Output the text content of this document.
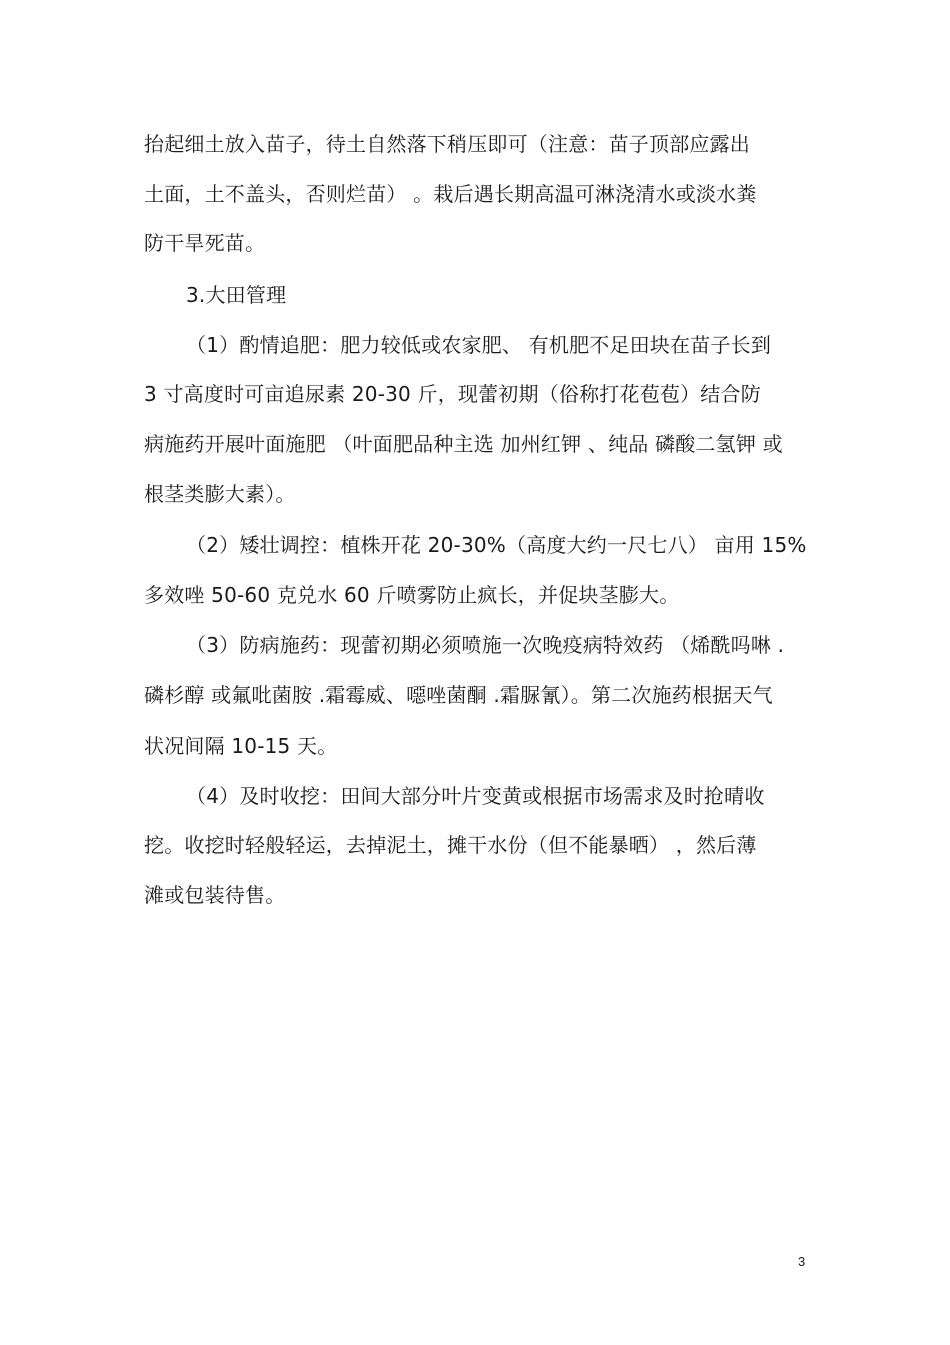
抬起细土放入苗子，待土自然落下稍压即可（注意：苗子顶部应露出
土面，土不盖头，否则烂苗） 。栽后遇长期高温可淋浇清水或淡水粪
防干旱死苗。
3.大田管理
（1）酌情追肥：肥力较低或农家肥、 有机肥不足田块在苗子长到
3 寸高度时可亩追尿素 20-30 斤，现蕾初期（俗称打花苞苞）结合防
病施药开展叶面施肥 （叶面肥品种主选 加州红钾 、纯品 磷酸二氢钾 或
根茎类膨大素）。
（2）矮壮调控：植株开花 20-30%（高度大约一尺七八） 亩用 15%
多效唑 50-60 克兑水 60 斤喷雾防止疯长，并促块茎膨大。
（3）防病施药：现蕾初期必须喷施一次晚疫病特效药 （烯酰吗啉 .
磷杉醇 或氟吡菌胺 .霜霉威、噁唑菌酮 .霜脲氰）。第二次施药根据天气
状况间隔 10-15 天。
（4）及时收挖：田间大部分叶片变黄或根据市场需求及时抢晴收
挖。收挖时轻般轻运，去掉泥土，摊干水份（但不能暴晒） ，然后薄
滩或包装待售。
3
